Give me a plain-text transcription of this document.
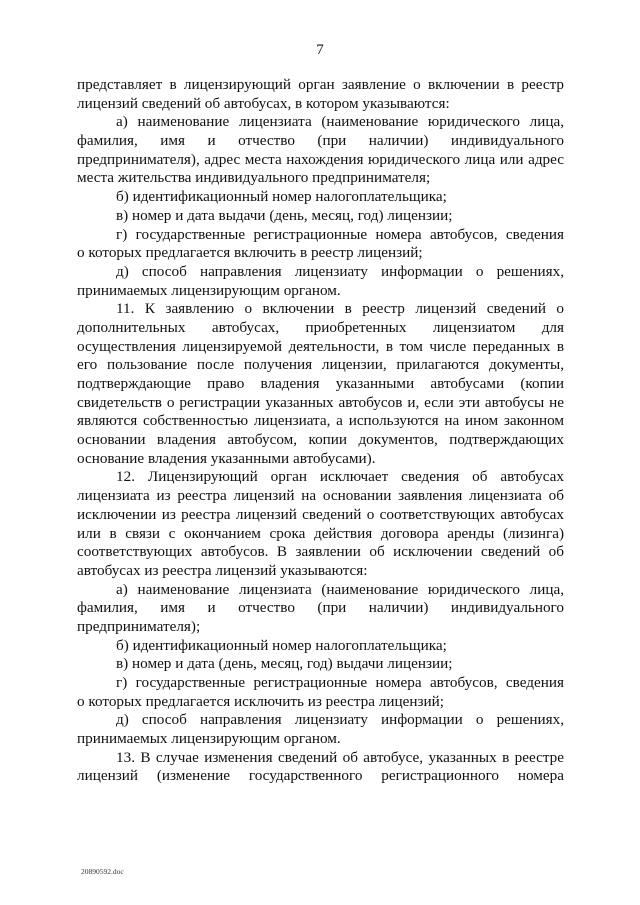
7
представляет в лицензирующий орган заявление о включении в реестр
лицензий сведений об автобусах, в котором указываются:
а) наименование лицензиата (наименование юридического лица,
фамилия, имя и отчество (при наличии) индивидуального
предпринимателя), адрес места нахождения юридического лица или адрес
места жительства индивидуального предпринимателя;
б) идентификационный номер налогоплательщика;
в) номер и дата выдачи (день, месяц, год) лицензии;
г) государственные регистрационные номера автобусов, сведения
о которых предлагается включить в реестр лицензий;
д) способ направления лицензиату информации о решениях,
принимаемых лицензирующим органом.
11. К заявлению о включении в реестр лицензий сведений о
дополнительных автобусах, приобретенных лицензиатом для
осуществления лицензируемой деятельности, в том числе переданных в
его пользование после получения лицензии, прилагаются документы,
подтверждающие право владения указанными автобусами (копии
свидетельств о регистрации указанных автобусов и, если эти автобусы не
являются собственностью лицензиата, а используются на ином законном
основании владения автобусом, копии документов, подтверждающих
основание владения указанными автобусами).
12. Лицензирующий орган исключает сведения об автобусах
лицензиата из реестра лицензий на основании заявления лицензиата об
исключении из реестра лицензий сведений о соответствующих автобусах
или в связи с окончанием срока действия договора аренды (лизинга)
соответствующих автобусов. В заявлении об исключении сведений об
автобусах из реестра лицензий указываются:
а) наименование лицензиата (наименование юридического лица,
фамилия, имя и отчество (при наличии) индивидуального
предпринимателя);
б) идентификационный номер налогоплательщика;
в) номер и дата (день, месяц, год) выдачи лицензии;
г) государственные регистрационные номера автобусов, сведения
о которых предлагается исключить из реестра лицензий;
д) способ направления лицензиату информации о решениях,
принимаемых лицензирующим органом.
13. В случае изменения сведений об автобусе, указанных в реестре
лицензий (изменение государственного регистрационного номера
20890592.doc
